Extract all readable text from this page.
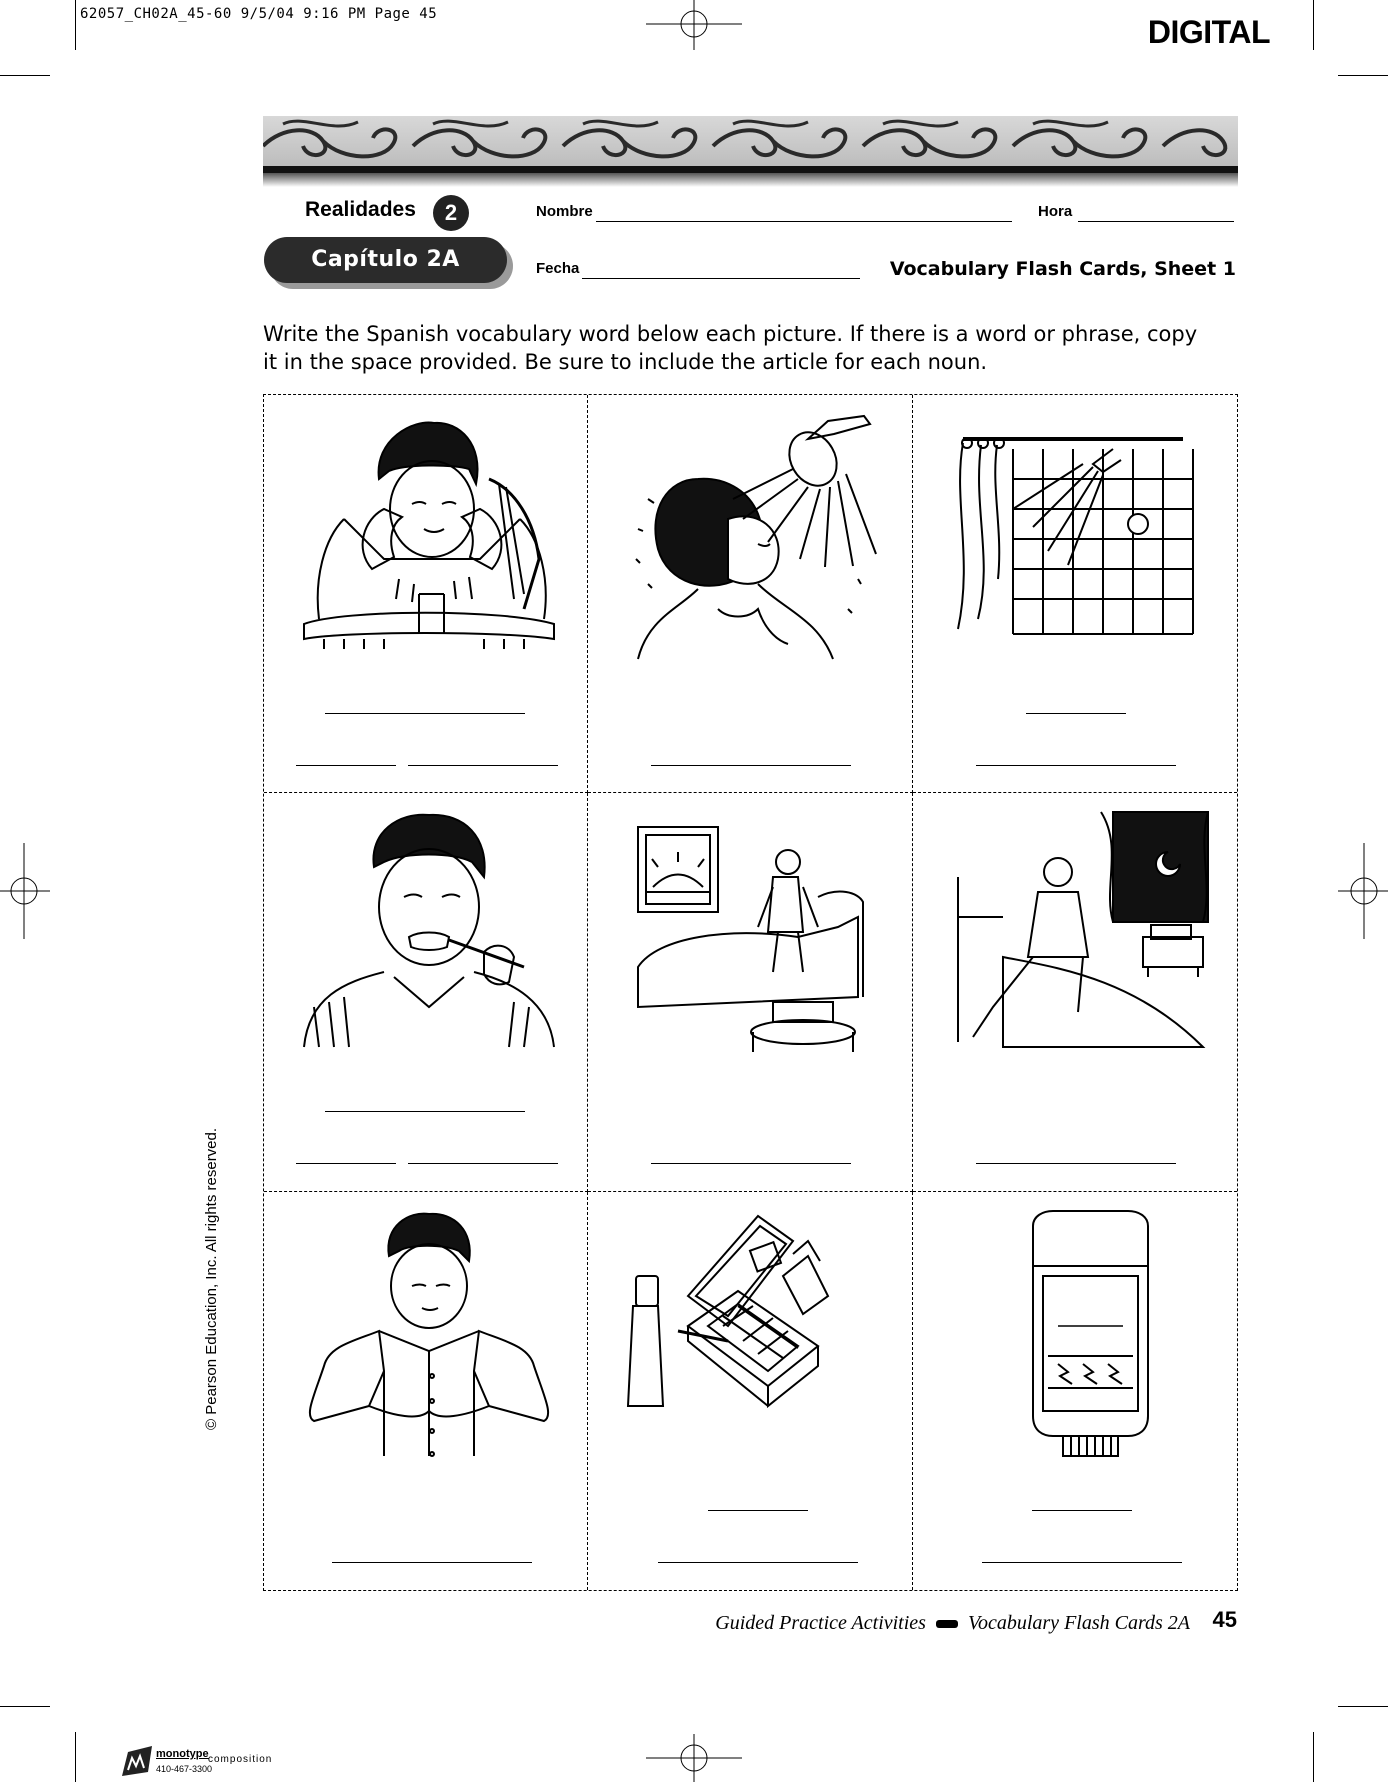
62057_CH02A_45-60 9/5/04 9:16 PM Page 45	DIGITAL
Realidades	2
Capítulo 2A
Nombre	Hora
Fecha	Vocabulary Flash Cards, Sheet 1
Write the Spanish vocabulary word below each picture. If there is a word or phrase, copy it in the space provided. Be sure to include the article for each noun.
© Pearson Education, Inc. All rights reserved.
Guided Practice Activities Vocabulary Flash Cards 2A 45
monotype composition
410-467-3300
